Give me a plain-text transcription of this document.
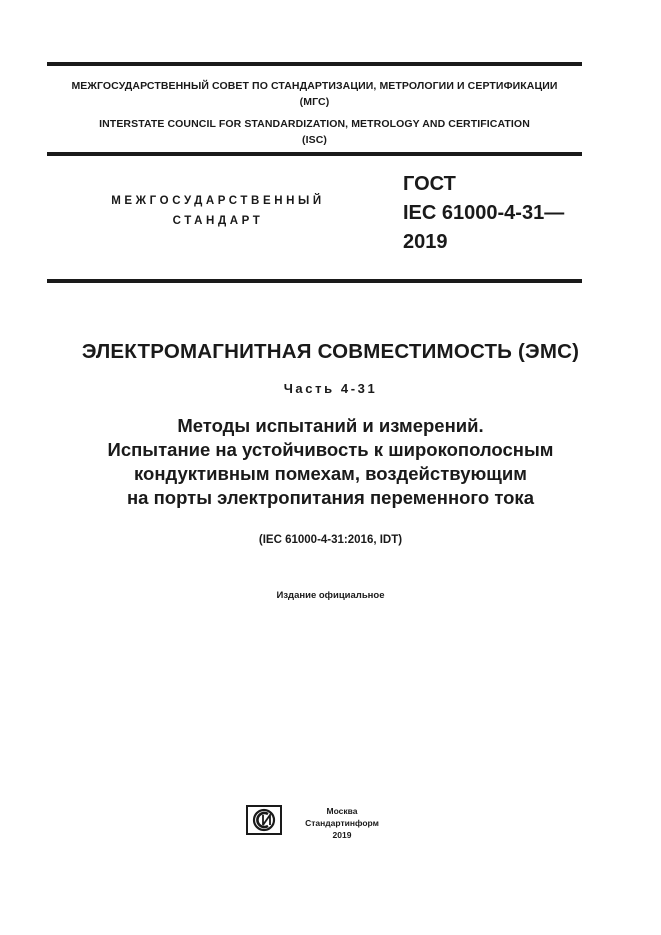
МЕЖГОСУДАРСТВЕННЫЙ СОВЕТ ПО СТАНДАРТИЗАЦИИ, МЕТРОЛОГИИ И СЕРТИФИКАЦИИ
(МГС)
INTERSTATE COUNCIL FOR STANDARDIZATION, METROLOGY AND CERTIFICATION
(ISC)
МЕЖГОСУДАРСТВЕННЫЙ
СТАНДАРТ
ГОСТ
IEC 61000-4-31—
2019
ЭЛЕКТРОМАГНИТНАЯ СОВМЕСТИМОСТЬ (ЭМС)
Часть 4-31
Методы испытаний и измерений.
Испытание на устойчивость к широкополосным
кондуктивным помехам, воздействующим
на порты электропитания переменного тока
(IEC 61000-4-31:2016, IDT)
Издание официальное
Москва
Стандартинформ
2019
